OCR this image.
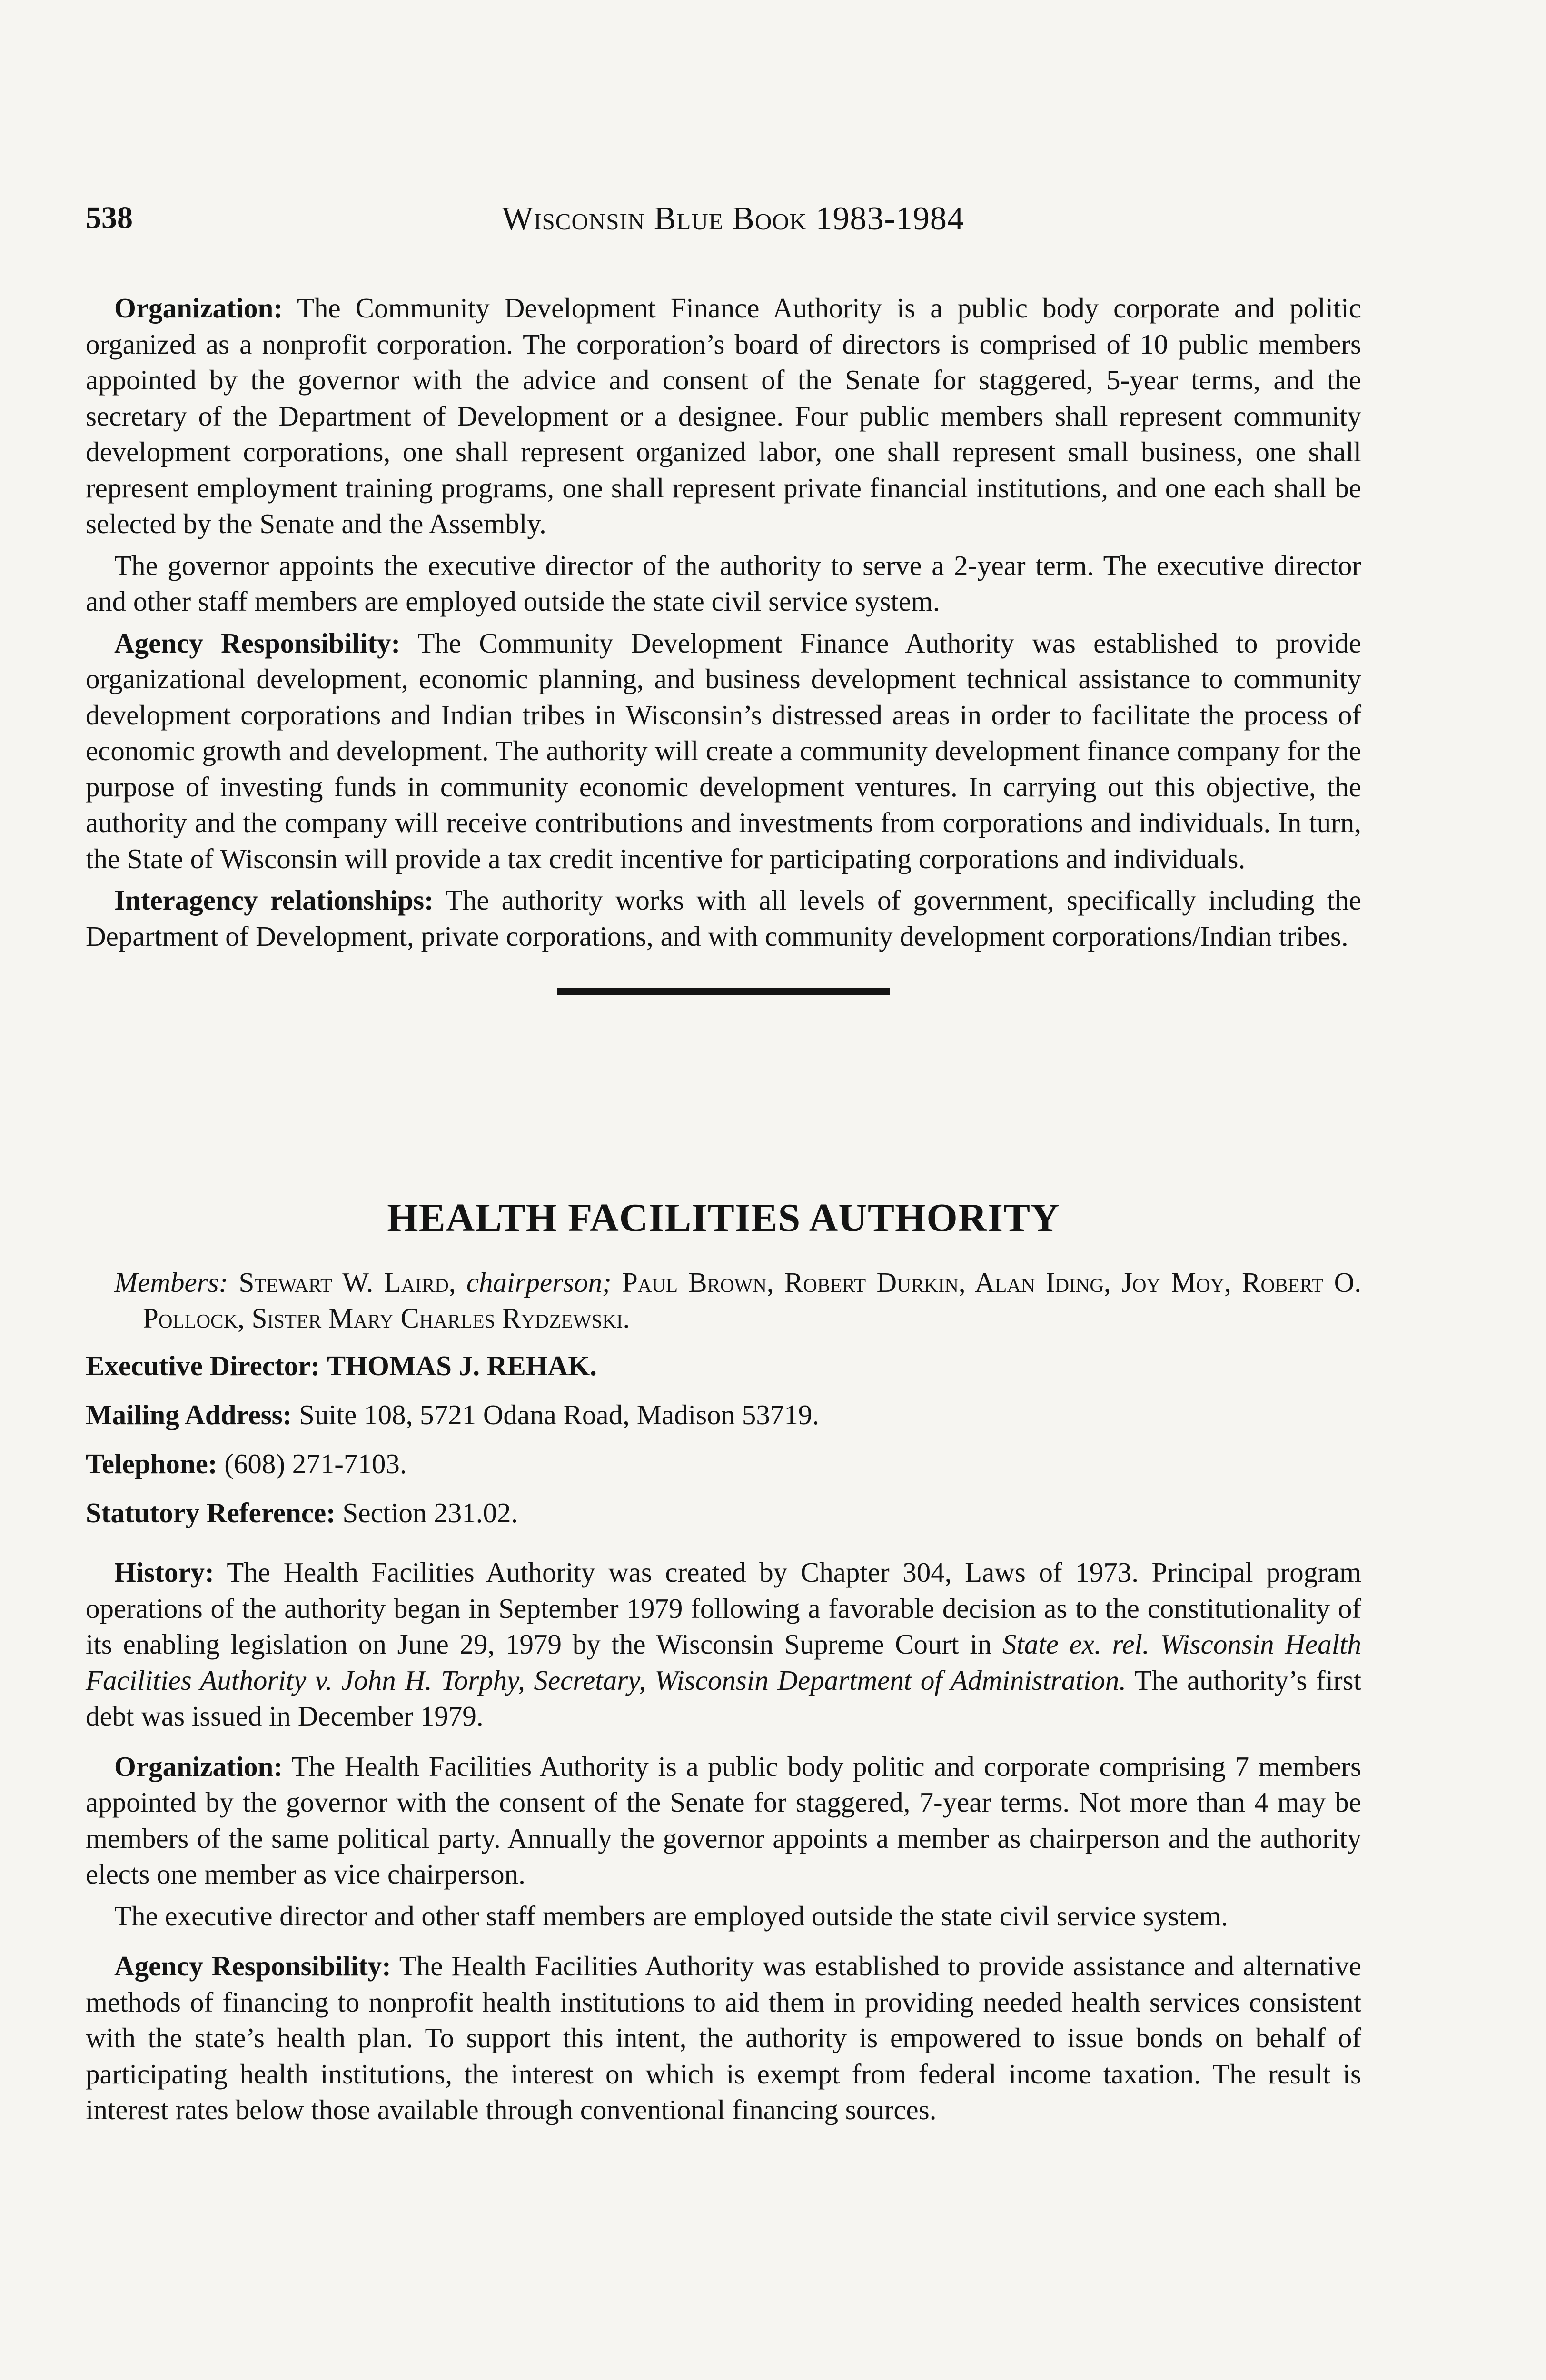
538	Wisconsin Blue Book 1983-1984

Organization: The Community Development Finance Authority is a public body corporate and politic organized as a nonprofit corporation. The corporation’s board of directors is comprised of 10 public members appointed by the governor with the advice and consent of the Senate for staggered, 5-year terms, and the secretary of the Department of Development or a designee. Four public members shall represent community development corporations, one shall represent organized labor, one shall represent small business, one shall represent employment training programs, one shall represent private financial institutions, and one each shall be selected by the Senate and the Assembly.

The governor appoints the executive director of the authority to serve a 2-year term. The executive director and other staff members are employed outside the state civil service system.

Agency Responsibility: The Community Development Finance Authority was established to provide organizational development, economic planning, and business development technical assistance to community development corporations and Indian tribes in Wisconsin’s distressed areas in order to facilitate the process of economic growth and development. The authority will create a community development finance company for the purpose of investing funds in community economic development ventures. In carrying out this objective, the authority and the company will receive contributions and investments from corporations and individuals. In turn, the State of Wisconsin will provide a tax credit incentive for participating corporations and individuals.

Interagency relationships: The authority works with all levels of government, specifically including the Department of Development, private corporations, and with community development corporations/Indian tribes.

HEALTH FACILITIES AUTHORITY

Members: Stewart W. Laird, chairperson; Paul Brown, Robert Durkin, Alan Iding, Joy Moy, Robert O. Pollock, Sister Mary Charles Rydzewski.

Executive Director: THOMAS J. REHAK.

Mailing Address: Suite 108, 5721 Odana Road, Madison 53719.

Telephone: (608) 271-7103.

Statutory Reference: Section 231.02.

History: The Health Facilities Authority was created by Chapter 304, Laws of 1973. Principal program operations of the authority began in September 1979 following a favorable decision as to the constitutionality of its enabling legislation on June 29, 1979 by the Wisconsin Supreme Court in State ex. rel. Wisconsin Health Facilities Authority v. John H. Torphy, Secretary, Wisconsin Department of Administration. The authority’s first debt was issued in December 1979.

Organization: The Health Facilities Authority is a public body politic and corporate comprising 7 members appointed by the governor with the consent of the Senate for staggered, 7-year terms. Not more than 4 may be members of the same political party. Annually the governor appoints a member as chairperson and the authority elects one member as vice chairperson.

The executive director and other staff members are employed outside the state civil service system.

Agency Responsibility: The Health Facilities Authority was established to provide assistance and alternative methods of financing to nonprofit health institutions to aid them in providing needed health services consistent with the state’s health plan. To support this intent, the authority is empowered to issue bonds on behalf of participating health institutions, the interest on which is exempt from federal income taxation. The result is interest rates below those available through conventional financing sources.
